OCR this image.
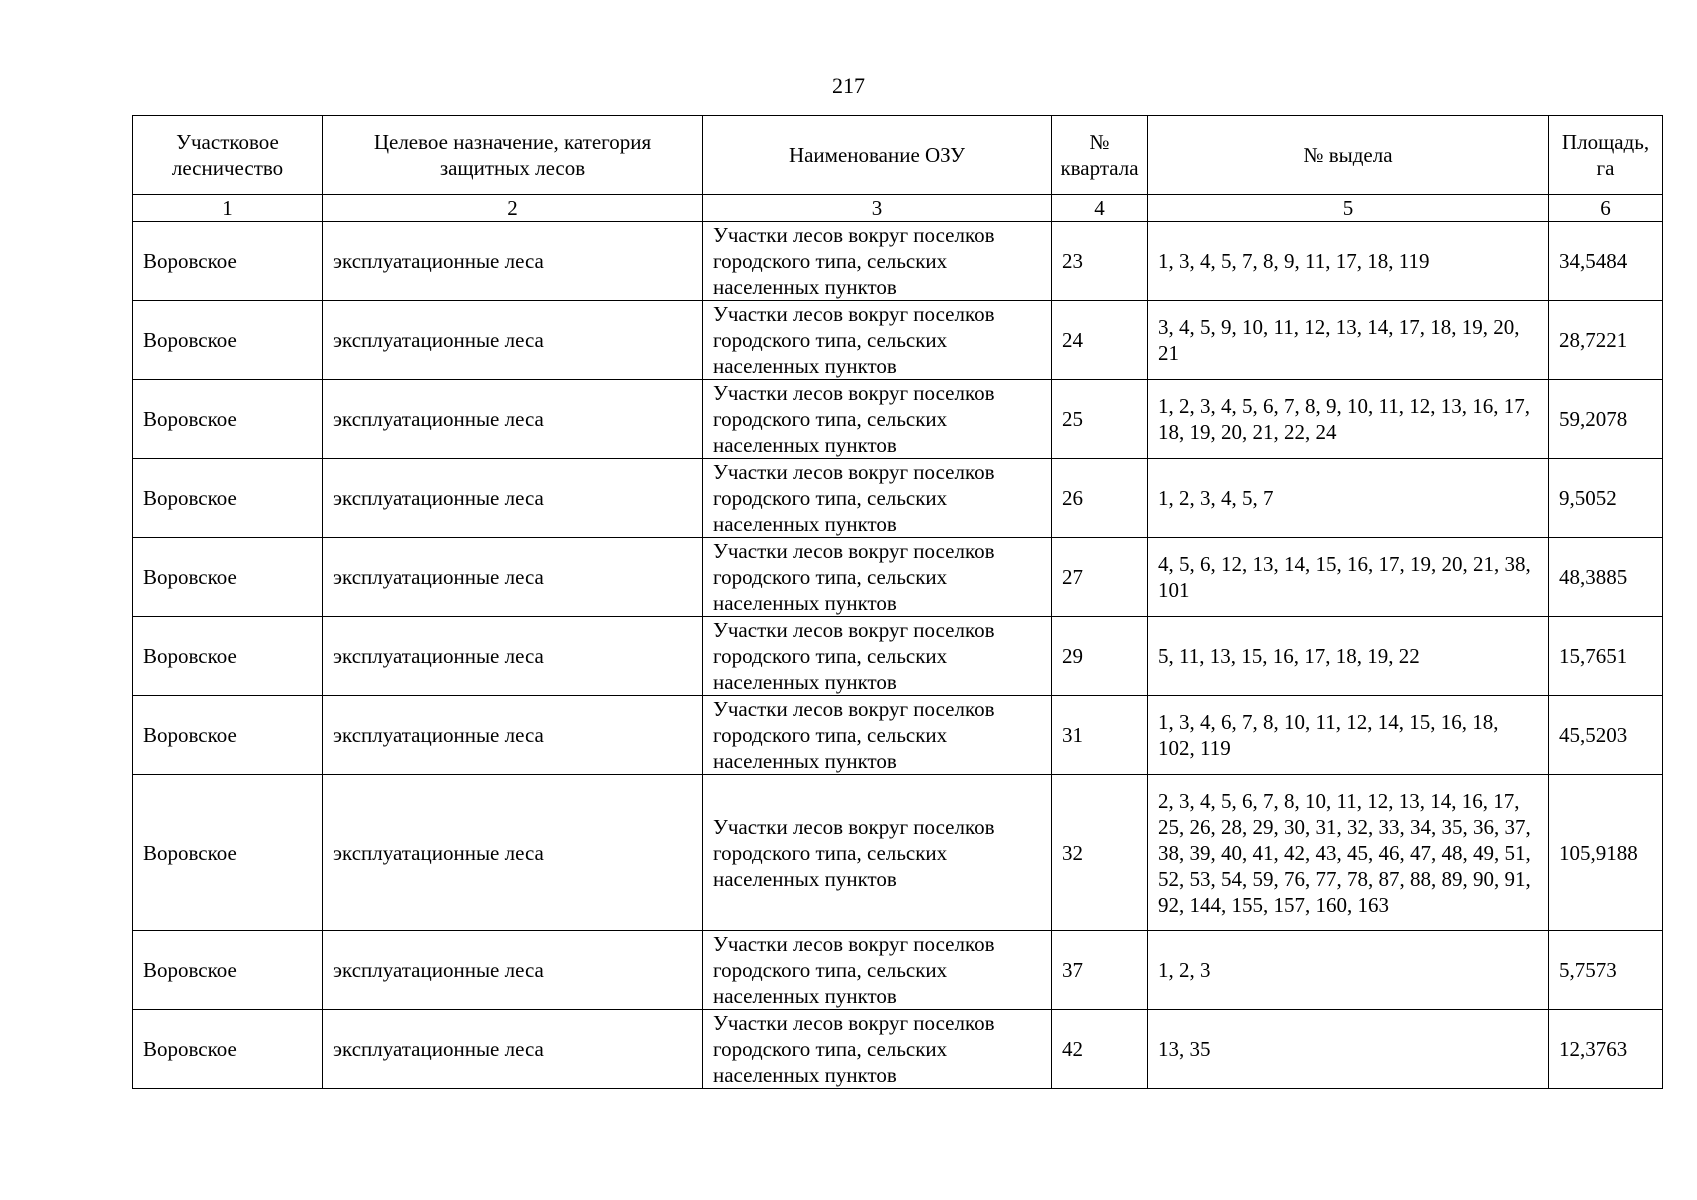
217
Участковое лесничество	Целевое назначение, категория защитных лесов	Наименование ОЗУ	№ квартала	№ выдела	Площадь, га
1	2	3	4	5	6
Воровское	эксплуатационные леса	Участки лесов вокруг поселков городского типа, сельских населенных пунктов	23	1, 3, 4, 5, 7, 8, 9, 11, 17, 18, 119	34,5484
Воровское	эксплуатационные леса	Участки лесов вокруг поселков городского типа, сельских населенных пунктов	24	3, 4, 5, 9, 10, 11, 12, 13, 14, 17, 18, 19, 20, 21	28,7221
Воровское	эксплуатационные леса	Участки лесов вокруг поселков городского типа, сельских населенных пунктов	25	1, 2, 3, 4, 5, 6, 7, 8, 9, 10, 11, 12, 13, 16, 17, 18, 19, 20, 21, 22, 24	59,2078
Воровское	эксплуатационные леса	Участки лесов вокруг поселков городского типа, сельских населенных пунктов	26	1, 2, 3, 4, 5, 7	9,5052
Воровское	эксплуатационные леса	Участки лесов вокруг поселков городского типа, сельских населенных пунктов	27	4, 5, 6, 12, 13, 14, 15, 16, 17, 19, 20, 21, 38, 101	48,3885
Воровское	эксплуатационные леса	Участки лесов вокруг поселков городского типа, сельских населенных пунктов	29	5, 11, 13, 15, 16, 17, 18, 19, 22	15,7651
Воровское	эксплуатационные леса	Участки лесов вокруг поселков городского типа, сельских населенных пунктов	31	1, 3, 4, 6, 7, 8, 10, 11, 12, 14, 15, 16, 18, 102, 119	45,5203
Воровское	эксплуатационные леса	Участки лесов вокруг поселков городского типа, сельских населенных пунктов	32	2, 3, 4, 5, 6, 7, 8, 10, 11, 12, 13, 14, 16, 17, 25, 26, 28, 29, 30, 31, 32, 33, 34, 35, 36, 37, 38, 39, 40, 41, 42, 43, 45, 46, 47, 48, 49, 51, 52, 53, 54, 59, 76, 77, 78, 87, 88, 89, 90, 91, 92, 144, 155, 157, 160, 163	105,9188
Воровское	эксплуатационные леса	Участки лесов вокруг поселков городского типа, сельских населенных пунктов	37	1, 2, 3	5,7573
Воровское	эксплуатационные леса	Участки лесов вокруг поселков городского типа, сельских населенных пунктов	42	13, 35	12,3763
